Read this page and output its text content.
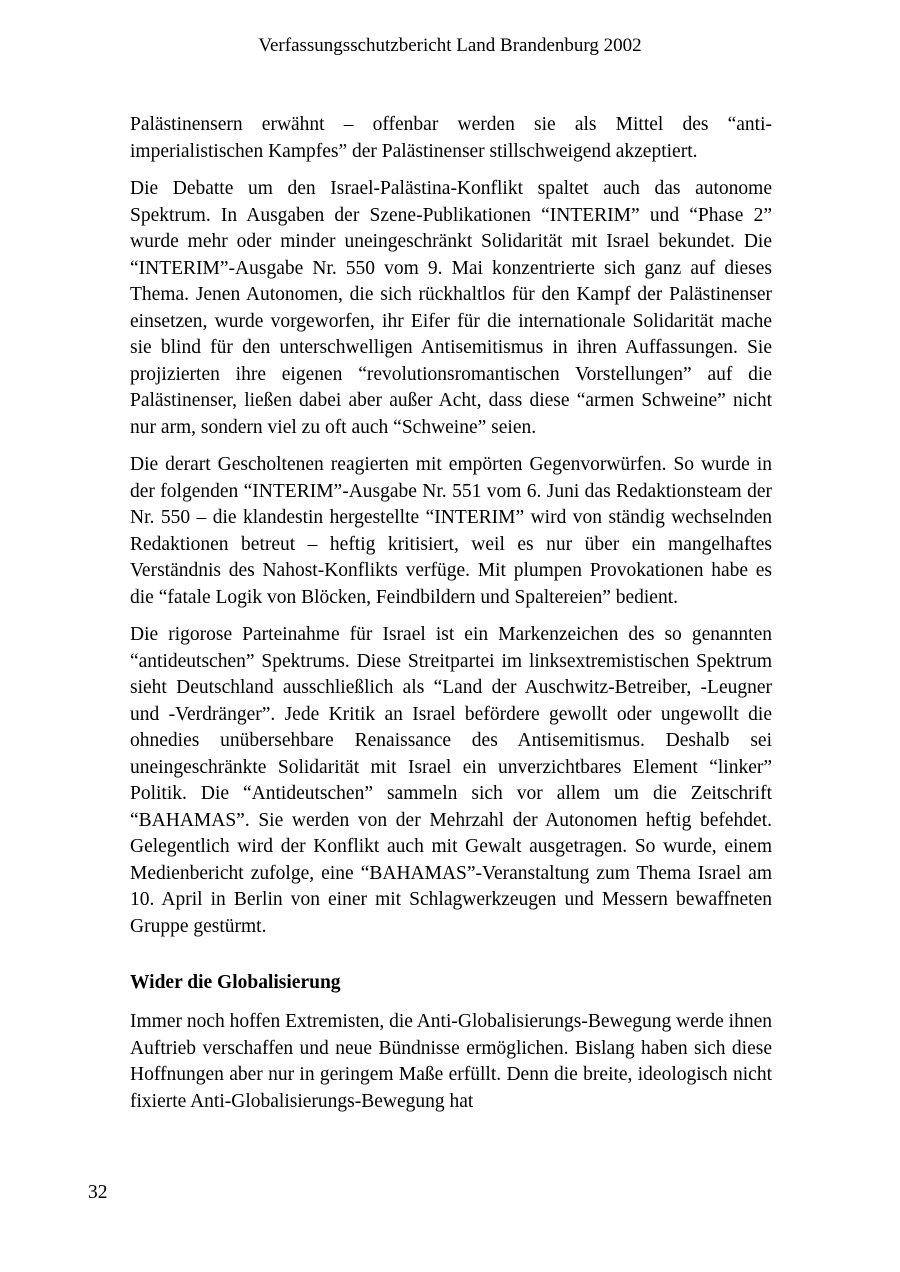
Verfassungsschutzbericht Land Brandenburg 2002

Palästinensern erwähnt – offenbar werden sie als Mittel des “anti-imperialistischen Kampfes” der Palästinenser stillschweigend akzeptiert.

Die Debatte um den Israel-Palästina-Konflikt spaltet auch das autonome Spektrum. In Ausgaben der Szene-Publikationen “INTERIM” und “Phase 2” wurde mehr oder minder uneingeschränkt Solidarität mit Israel bekundet. Die “INTERIM”-Ausgabe Nr. 550 vom 9. Mai konzentrierte sich ganz auf dieses Thema. Jenen Autonomen, die sich rückhaltlos für den Kampf der Palästinenser einsetzen, wurde vorgeworfen, ihr Eifer für die internationale Solidarität mache sie blind für den unterschwelligen Antisemitismus in ihren Auffassungen. Sie projizierten ihre eigenen “revolutionsromantischen Vorstellungen” auf die Palästinenser, ließen dabei aber außer Acht, dass diese “armen Schweine” nicht nur arm, sondern viel zu oft auch “Schweine” seien.

Die derart Gescholtenen reagierten mit empörten Gegenvorwürfen. So wurde in der folgenden “INTERIM”-Ausgabe Nr. 551 vom 6. Juni das Redaktionsteam der Nr. 550 – die klandestin hergestellte “INTERIM” wird von ständig wechselnden Redaktionen betreut – heftig kritisiert, weil es nur über ein mangelhaftes Verständnis des Nahost-Konflikts verfüge. Mit plumpen Provokationen habe es die “fatale Logik von Blöcken, Feindbildern und Spaltereien” bedient.

Die rigorose Parteinahme für Israel ist ein Markenzeichen des so genannten “antideutschen” Spektrums. Diese Streitpartei im linksextremistischen Spektrum sieht Deutschland ausschließlich als “Land der Auschwitz-Betreiber, -Leugner und -Verdränger”. Jede Kritik an Israel befördere gewollt oder ungewollt die ohnedies unübersehbare Renaissance des Antisemitismus. Deshalb sei uneingeschränkte Solidarität mit Israel ein unverzichtbares Element “linker” Politik. Die “Antideutschen” sammeln sich vor allem um die Zeitschrift “BAHAMAS”. Sie werden von der Mehrzahl der Autonomen heftig befehdet. Gelegentlich wird der Konflikt auch mit Gewalt ausgetragen. So wurde, einem Medienbericht zufolge, eine “BAHAMAS”-Veranstaltung zum Thema Israel am 10. April in Berlin von einer mit Schlagwerkzeugen und Messern bewaffneten Gruppe gestürmt.

Wider die Globalisierung

Immer noch hoffen Extremisten, die Anti-Globalisierungs-Bewegung werde ihnen Auftrieb verschaffen und neue Bündnisse ermöglichen. Bislang haben sich diese Hoffnungen aber nur in geringem Maße erfüllt. Denn die breite, ideologisch nicht fixierte Anti-Globalisierungs-Bewegung hat

32
